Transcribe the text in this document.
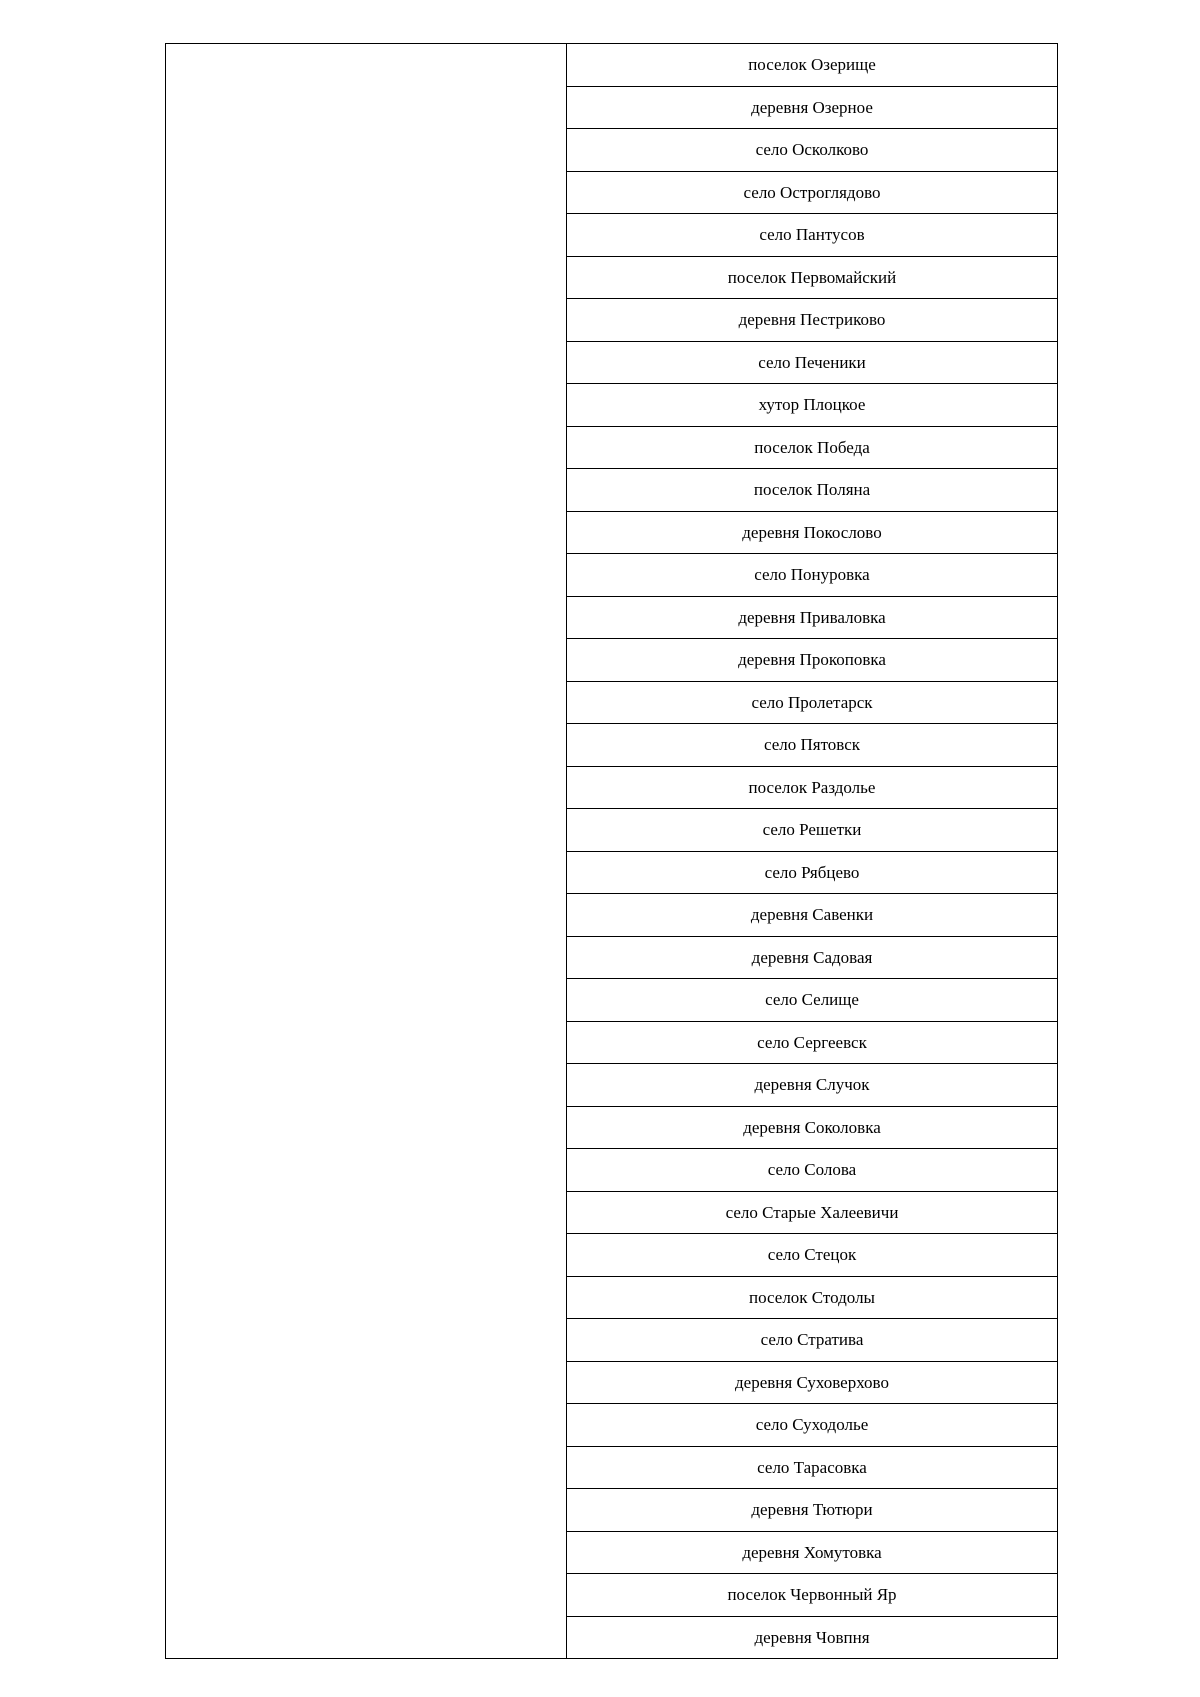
поселок Озерище
деревня Озерное
село Осколково
село Остроглядово
село Пантусов
поселок Первомайский
деревня Пестриково
село Печеники
хутор Плоцкое
поселок Победа
поселок Поляна
деревня Покослово
село Понуровка
деревня Приваловка
деревня Прокоповка
село Пролетарск
село Пятовск
поселок Раздолье
село Решетки
село Рябцево
деревня Савенки
деревня Садовая
село Селище
село Сергеевск
деревня Случок
деревня Соколовка
село Солова
село Старые Халеевичи
село Стецок
поселок Стодолы
село Стратива
деревня Суховерхово
село Суходолье
село Тарасовка
деревня Тютюри
деревня Хомутовка
поселок Червонный Яр
деревня Човпня
